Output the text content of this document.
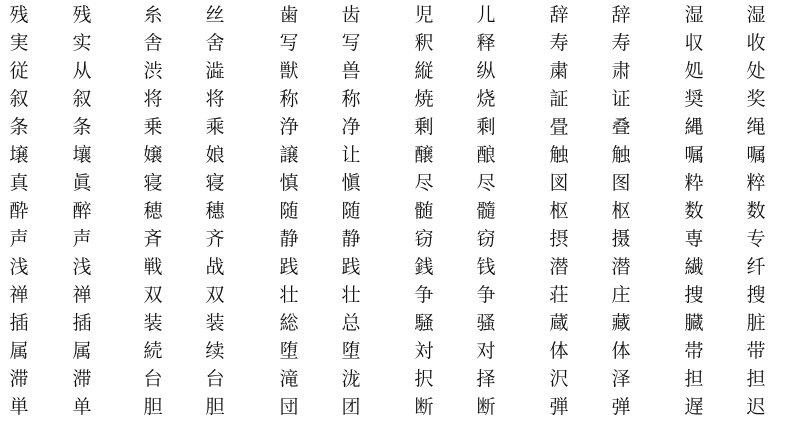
残 残	糸 丝	歯 齿	児 儿	辞 辞	湿 湿
実 实	舎 舍	写 写	釈 释	寿 寿	収 收
従 从	渋 澁	獣 兽	縦 纵	粛 肃	処 处
叙 叙	将 将	称 称	焼 烧	証 证	奨 奖
条 条	乗 乘	浄 净	剰 剩	畳 叠	縄 绳
壌 壤	嬢 娘	譲 让	醸 酿	触 触	嘱 嘱
真 眞	寝 寝	慎 愼	尽 尽	図 图	粋 粹
酔 醉	穂 穗	随 随	髄 髓	枢 枢	数 数
声 声	斉 齐	静 静	窃 窃	摂 摄	専 专
浅 浅	戦 战	践 践	銭 钱	潜 潜	繊 纤
禅 禅	双 双	壮 壮	争 争	荘 庄	捜 搜
插 插	装 装	総 总	騒 骚	蔵 藏	臓 脏
属 属	続 续	堕 堕	対 对	体 体	帯 带
滞 滞	台 台	滝 泷	択 择	沢 泽	担 担
単 单	胆 胆	団 团	断 断	弾 弹	遅 迟
